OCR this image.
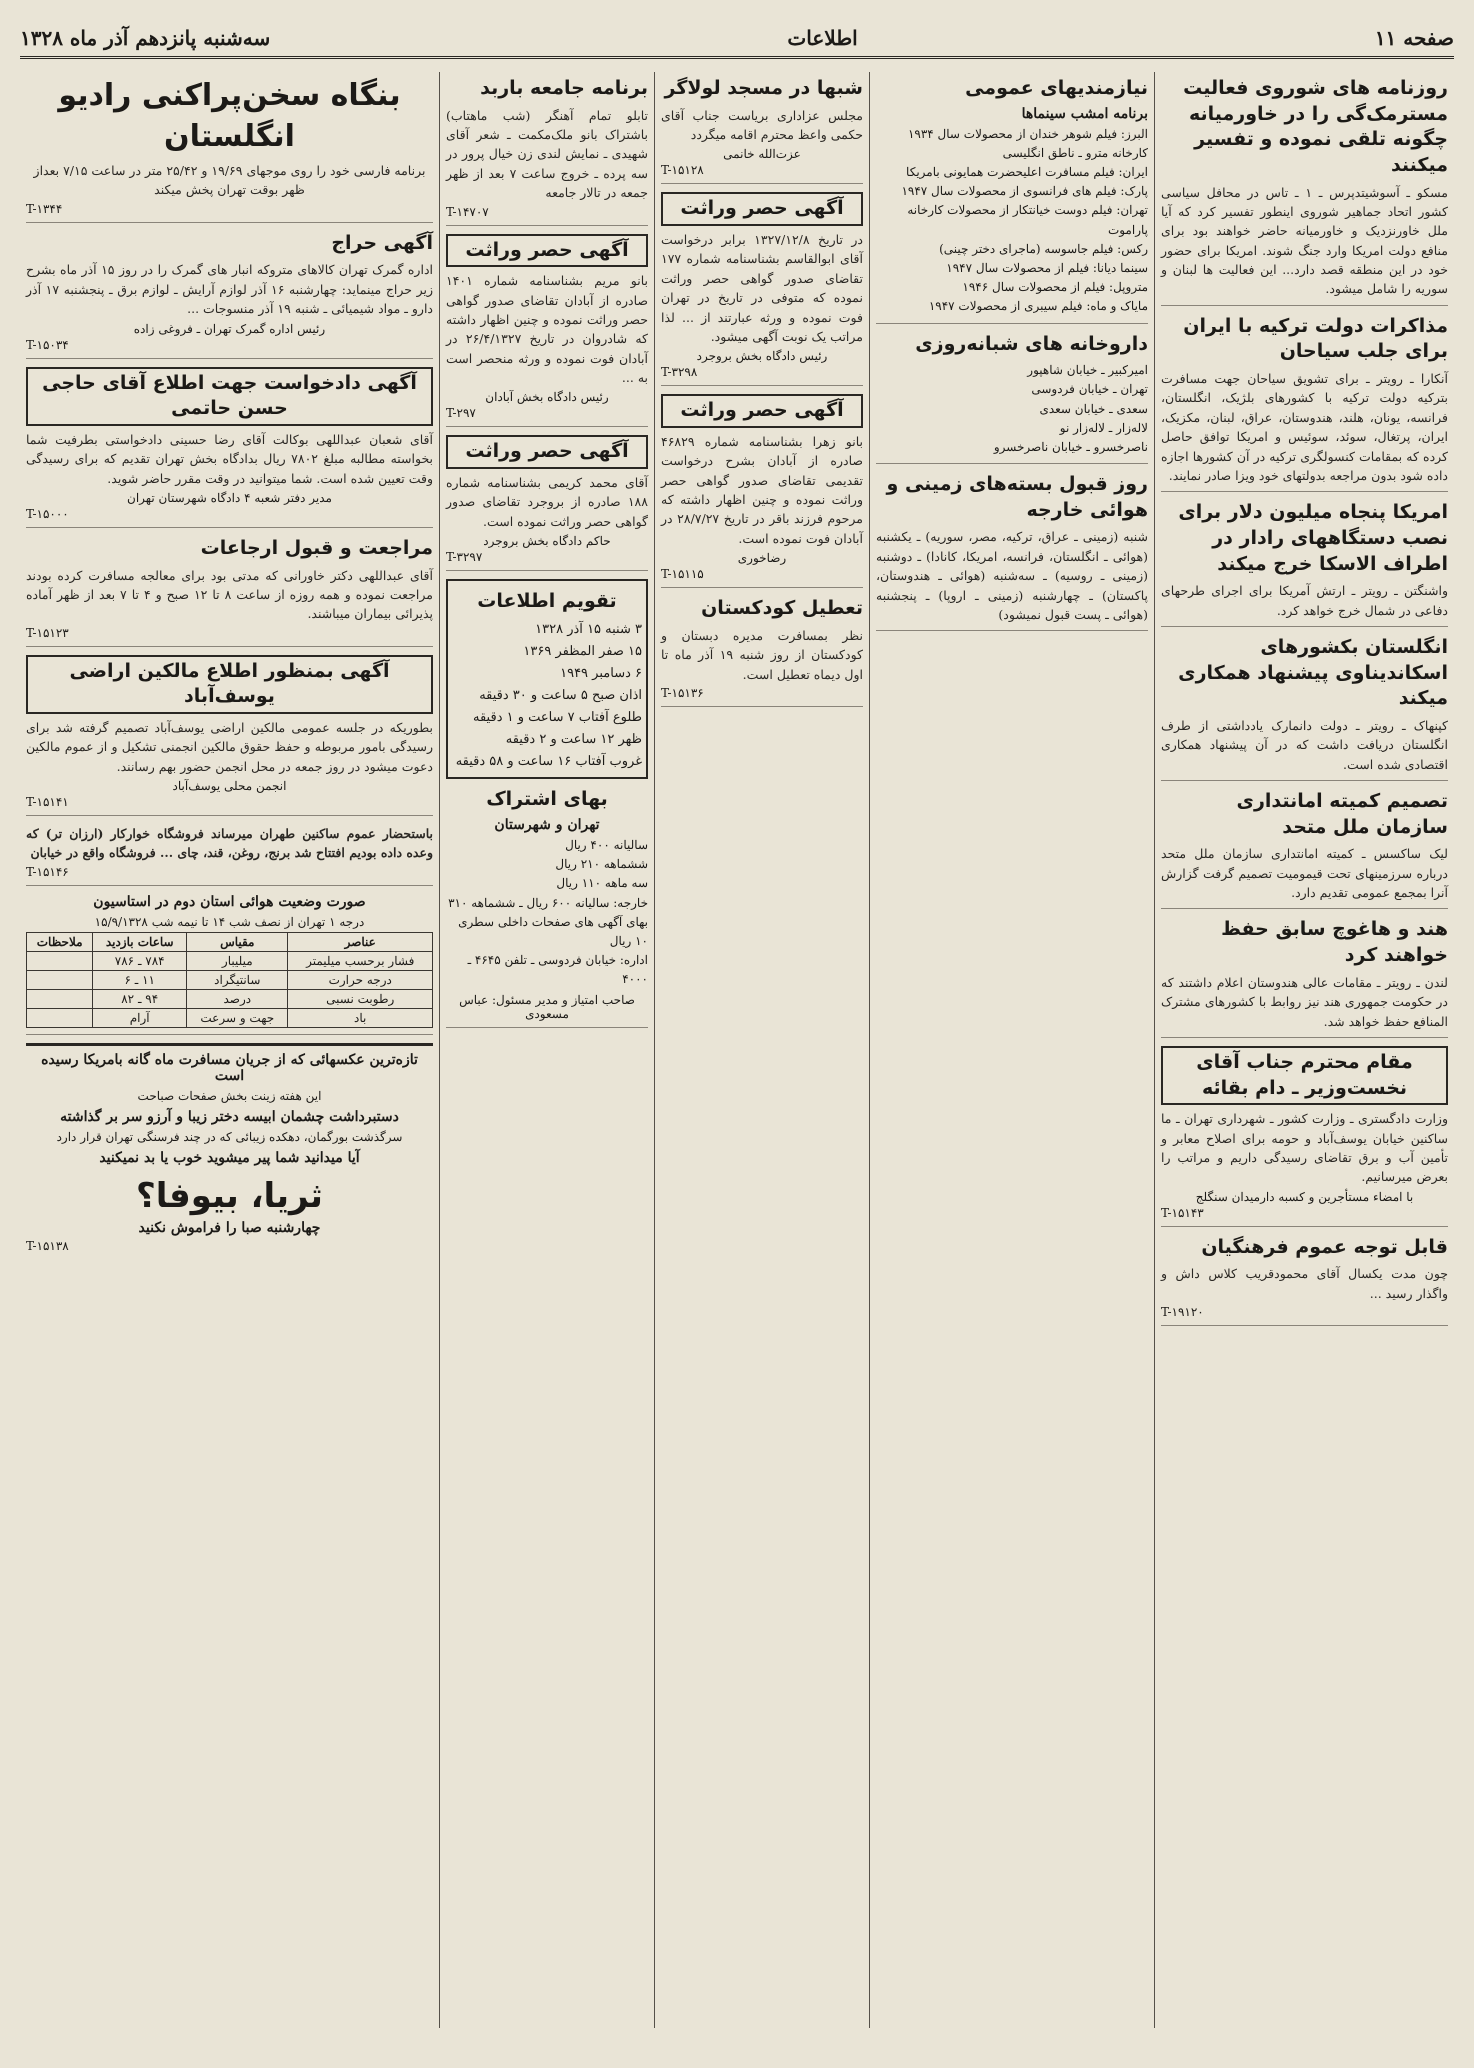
صفحه ۱۱
اطلاعات
سه‌شنبه پانزدهم آذر ماه ۱۳۲۸
روزنامه های شوروی فعالیت مسترمک‌گی را در خاورمیانه چگونه تلقی نموده و تفسیر میکنند
مسکو ـ آسوشیتدپرس ـ ۱ ـ تاس در محافل سیاسی کشور اتحاد جماهیر شوروی اینطور تفسیر کرد که آیا ملل خاورنزدیک و خاورمیانه حاضر خواهند بود برای منافع دولت امریکا وارد جنگ شوند. امریکا برای حضور خود در این منطقه قصد دارد... این فعالیت ها لبنان و سوریه را شامل میشود.
مذاکرات دولت ترکیه با ایران برای جلب سیاحان
آنکارا ـ رویتر ـ برای تشویق سیاحان جهت مسافرت بترکیه دولت ترکیه با کشورهای بلژیک، انگلستان، فرانسه، یونان، هلند، هندوستان، عراق، لبنان، مکزیک، ایران، پرتغال، سوئد، سوئیس و امریکا توافق حاصل کرده که بمقامات کنسولگری ترکیه در آن کشورها اجازه داده شود بدون مراجعه بدولتهای خود ویزا صادر نمایند.
امریکا پنجاه میلیون دلار برای نصب دستگاههای رادار در اطراف الاسکا خرج میکند
واشنگتن ـ رویتر ـ ارتش آمریکا برای اجرای طرحهای دفاعی در شمال خرج خواهد کرد.
انگلستان بکشورهای اسکاندیناوی پیشنهاد همکاری میکند
کپنهاک ـ رویتر ـ دولت دانمارک یادداشتی از طرف انگلستان دریافت داشت که در آن پیشنهاد همکاری اقتصادی شده است.
تصمیم کمیته امانتداری سازمان ملل متحد
لیک ساکسس ـ کمیته امانتداری سازمان ملل متحد درباره سرزمینهای تحت قیمومیت تصمیم گرفت گزارش آنرا بمجمع عمومی تقدیم دارد.
هند و هاغوچ سابق حفظ خواهند کرد
لندن ـ رویتر ـ مقامات عالی هندوستان اعلام داشتند که در حکومت جمهوری هند نیز روابط با کشورهای مشترک المنافع حفظ خواهد شد.
مقام محترم جناب آقای نخست‌وزیر ـ دام‌ بقائه
وزارت دادگستری ـ وزارت کشور ـ شهرداری تهران ـ ما ساکنین خیابان یوسف‌آباد و حومه برای اصلاح معابر و تأمین آب و برق تقاضای رسیدگی داریم و مراتب را بعرض میرسانیم.
با امضاء مستأجرین و کسبه دارمیدان سنگلج
T-۱۵۱۴۳
قابل توجه عموم فرهنگیان
چون مدت یکسال آقای محمودقریب کلاس داش و واگذار رسید ...
T-۱۹۱۲۰
نیازمندیهای عمومی
برنامه امشب سینماها
البرز: فیلم شوهر خندان از محصولات سال ۱۹۳۴ کارخانه مترو ـ ناطق انگلیسی
ایران: فیلم مسافرت اعلیحضرت همایونی بامریکا
پارک: فیلم های فرانسوی از محصولات سال ۱۹۴۷
تهران: فیلم دوست خیانتکار از محصولات کارخانه پاراموت
رکس: فیلم جاسوسه (ماجرای دختر چینی)
سینما دیانا: فیلم از محصولات سال ۱۹۴۷
متروپل: فیلم از محصولات سال ۱۹۴۶
مایاک و ماه: فیلم سیبری از محصولات ۱۹۴۷
داروخانه های شبانه‌روزی
امیرکبیر ـ خیابان شاهپور
تهران ـ خیابان فردوسی
سعدی ـ خیابان سعدی
لاله‌زار ـ لاله‌زار نو
ناصرخسرو ـ خیابان ناصرخسرو
روز قبول بسته‌های زمینی و هوائی خارجه
شنبه (زمینی ـ عراق، ترکیه، مصر، سوریه) ـ یکشنبه (هوائی ـ انگلستان، فرانسه، امریکا، کانادا) ـ دوشنبه (زمینی ـ روسیه) ـ سه‌شنبه (هوائی ـ هندوستان، پاکستان) ـ چهارشنبه (زمینی ـ اروپا) ـ پنجشنبه (هوائی ـ پست قبول نمیشود)
شبها در مسجد لولاگر
مجلس عزاداری بریاست جناب آقای حکمی واعظ محترم اقامه میگردد
عزت‌الله خانمی
T-۱۵۱۲۸
آگهی حصر وراثت
در تاریخ ۱۳۲۷/۱۲/۸ برابر درخواست آقای ابوالقاسم بشناسنامه شماره ۱۷۷ تقاضای صدور گواهی حصر وراثت نموده که متوفی در تاریخ در تهران فوت نموده و ورثه عبارتند از ... لذا مراتب یک نوبت آگهی میشود.
رئیس دادگاه بخش بروجرد
T-۳۲۹۸
آگهی حصر وراثت
بانو زهرا بشناسنامه شماره ۴۶۸۲۹ صادره از آبادان بشرح درخواست تقدیمی تقاضای صدور گواهی حصر وراثت نموده و چنین اظهار داشته که مرحوم فرزند باقر در تاریخ ۲۸/۷/۲۷ در آبادان فوت نموده است.
رضاخوری
T-۱۵۱۱۵
تعطیل کودکستان
نظر بمسافرت مدیره دبستان و کودکستان از روز شنبه ۱۹ آذر ماه تا اول دیماه تعطیل است.
T-۱۵۱۳۶
برنامه جامعه باربد
تابلو تمام آهنگر (شب ماهتاب) باشتراک بانو ملک‌مکمت ـ شعر آقای شهیدی ـ نمایش لندی زن خیال پرور در سه پرده ـ خروج ساعت ۷ بعد از ظهر جمعه در تالار جامعه
T-۱۴۷۰۷
آگهی حصر وراثت
بانو مریم بشناسنامه شماره ۱۴۰۱ صادره از آبادان تقاضای صدور گواهی حصر وراثت نموده و چنین اظهار داشته که شادروان در تاریخ ۲۶/۴/۱۳۲۷ در آبادان فوت نموده و ورثه منحصر است به ...
رئیس دادگاه بخش آبادان
T-۲۹۷
آگهی حصر وراثت
آقای محمد کریمی بشناسنامه شماره ۱۸۸ صادره از بروجرد تقاضای صدور گواهی حصر وراثت نموده است.
حاکم دادگاه بخش بروجرد
T-۳۲۹۷
تقویم اطلاعات
۳ شنبه ۱۵ آذر ۱۳۲۸
۱۵ صفر المظفر ۱۳۶۹
۶ دسامبر ۱۹۴۹
اذان صبح ۵ ساعت و ۳۰ دقیقه
طلوع آفتاب ۷ ساعت و ۱ دقیقه
ظهر ۱۲ ساعت و ۲ دقیقه
غروب آفتاب ۱۶ ساعت و ۵۸ دقیقه
بهای اشتراک
تهران و شهرستان
سالیانه ۴۰۰ ریال
ششماهه ۲۱۰ ریال
سه ماهه ۱۱۰ ریال
خارجه: سالیانه ۶۰۰ ریال ـ ششماهه ۳۱۰
بهای آگهی های صفحات داخلی سطری ۱۰ ریال
اداره: خیابان فردوسی ـ تلفن ۴۶۴۵ ـ ۴۰۰۰
صاحب امتیاز و مدیر مسئول: عباس مسعودی
بنگاه سخن‌پراکنی رادیو انگلستان
برنامه فارسی خود را روی موجهای ۱۹/۶۹ و ۲۵/۴۲ متر در ساعت ۷/۱۵ بعداز ظهر بوقت تهران پخش میکند
T-۱۳۴۴
آگهی حراج
اداره گمرک تهران کالاهای متروکه انبار های گمرک را در روز ۱۵ آذر ماه بشرح زیر حراج مینماید: چهارشنبه ۱۶ آذر لوازم آرایش ـ لوازم برق ـ پنجشنبه ۱۷ آذر دارو ـ مواد شیمیائی ـ شنبه ۱۹ آذر منسوجات ...
رئیس اداره گمرک تهران ـ فروغی زاده
T-۱۵۰۳۴
آگهی دادخواست جهت اطلاع آقای حاجی حسن حاتمی
آقای شعبان عبداللهی بوکالت آقای رضا حسینی دادخواستی بطرفیت شما بخواسته مطالبه مبلغ ۷۸۰۲ ریال بدادگاه بخش تهران تقدیم که برای رسیدگی وقت تعیین شده است. شما میتوانید در وقت مقرر حاضر شوید.
مدیر دفتر شعبه ۴ دادگاه شهرستان تهران
T-۱۵۰۰۰
مراجعت و قبول ارجاعات
آقای عبداللهی دکتر خاورانی که مدتی بود برای معالجه مسافرت کرده بودند مراجعت نموده و همه روزه از ساعت ۸ تا ۱۲ صبح و ۴ تا ۷ بعد از ظهر آماده پذیرائی بیماران میباشند.
T-۱۵۱۲۳
آگهی بمنظور اطلاع مالکین اراضی یوسف‌آباد
بطوریکه در جلسه عمومی مالکین اراضی یوسف‌آباد تصمیم گرفته شد برای رسیدگی بامور مربوطه و حفظ حقوق مالکین انجمنی تشکیل و از عموم مالکین دعوت میشود در روز جمعه در محل انجمن حضور بهم رسانند.
انجمن محلی یوسف‌آباد
T-۱۵۱۴۱
باستحضار عموم ساکنین طهران میرساند فروشگاه خوارکار (ارزان تر) که وعده داده بودیم افتتاح شد برنج، روغن، قند، چای ... فروشگاه واقع در خیابان
T-۱۵۱۴۶
صورت وضعیت هوائی استان دوم در استاسیون
درجه ۱ تهران از نصف شب ۱۴ تا نیمه شب ۱۵/۹/۱۳۲۸
عناصر	مقیاس	ساعات بازدید	ملاحظات
فشار برحسب میلیمتر	میلیبار	۷۸۴ ـ ۷۸۶	
درجه حرارت	سانتیگراد	۱۱ ـ ۶	
رطوبت نسبی	درصد	۹۴ ـ ۸۲	
باد	جهت و سرعت	آرام	
تازه‌ترین عکسهائی که از جریان مسافرت ماه گانه بامریکا رسیده است
این هفته زینت بخش صفحات صباحت
دستبرداشت چشمان ابیسه دختر زیبا و آرزو سر بر گذاشته
سرگذشت بورگمان، دهکده زیبائی که در چند فرسنگی تهران قرار دارد
آیا میدانید شما پیر میشوید خوب یا بد نمیکنید
ثریا، بیوفا؟
چهارشنبه صبا را فراموش نکنید
T-۱۵۱۳۸
